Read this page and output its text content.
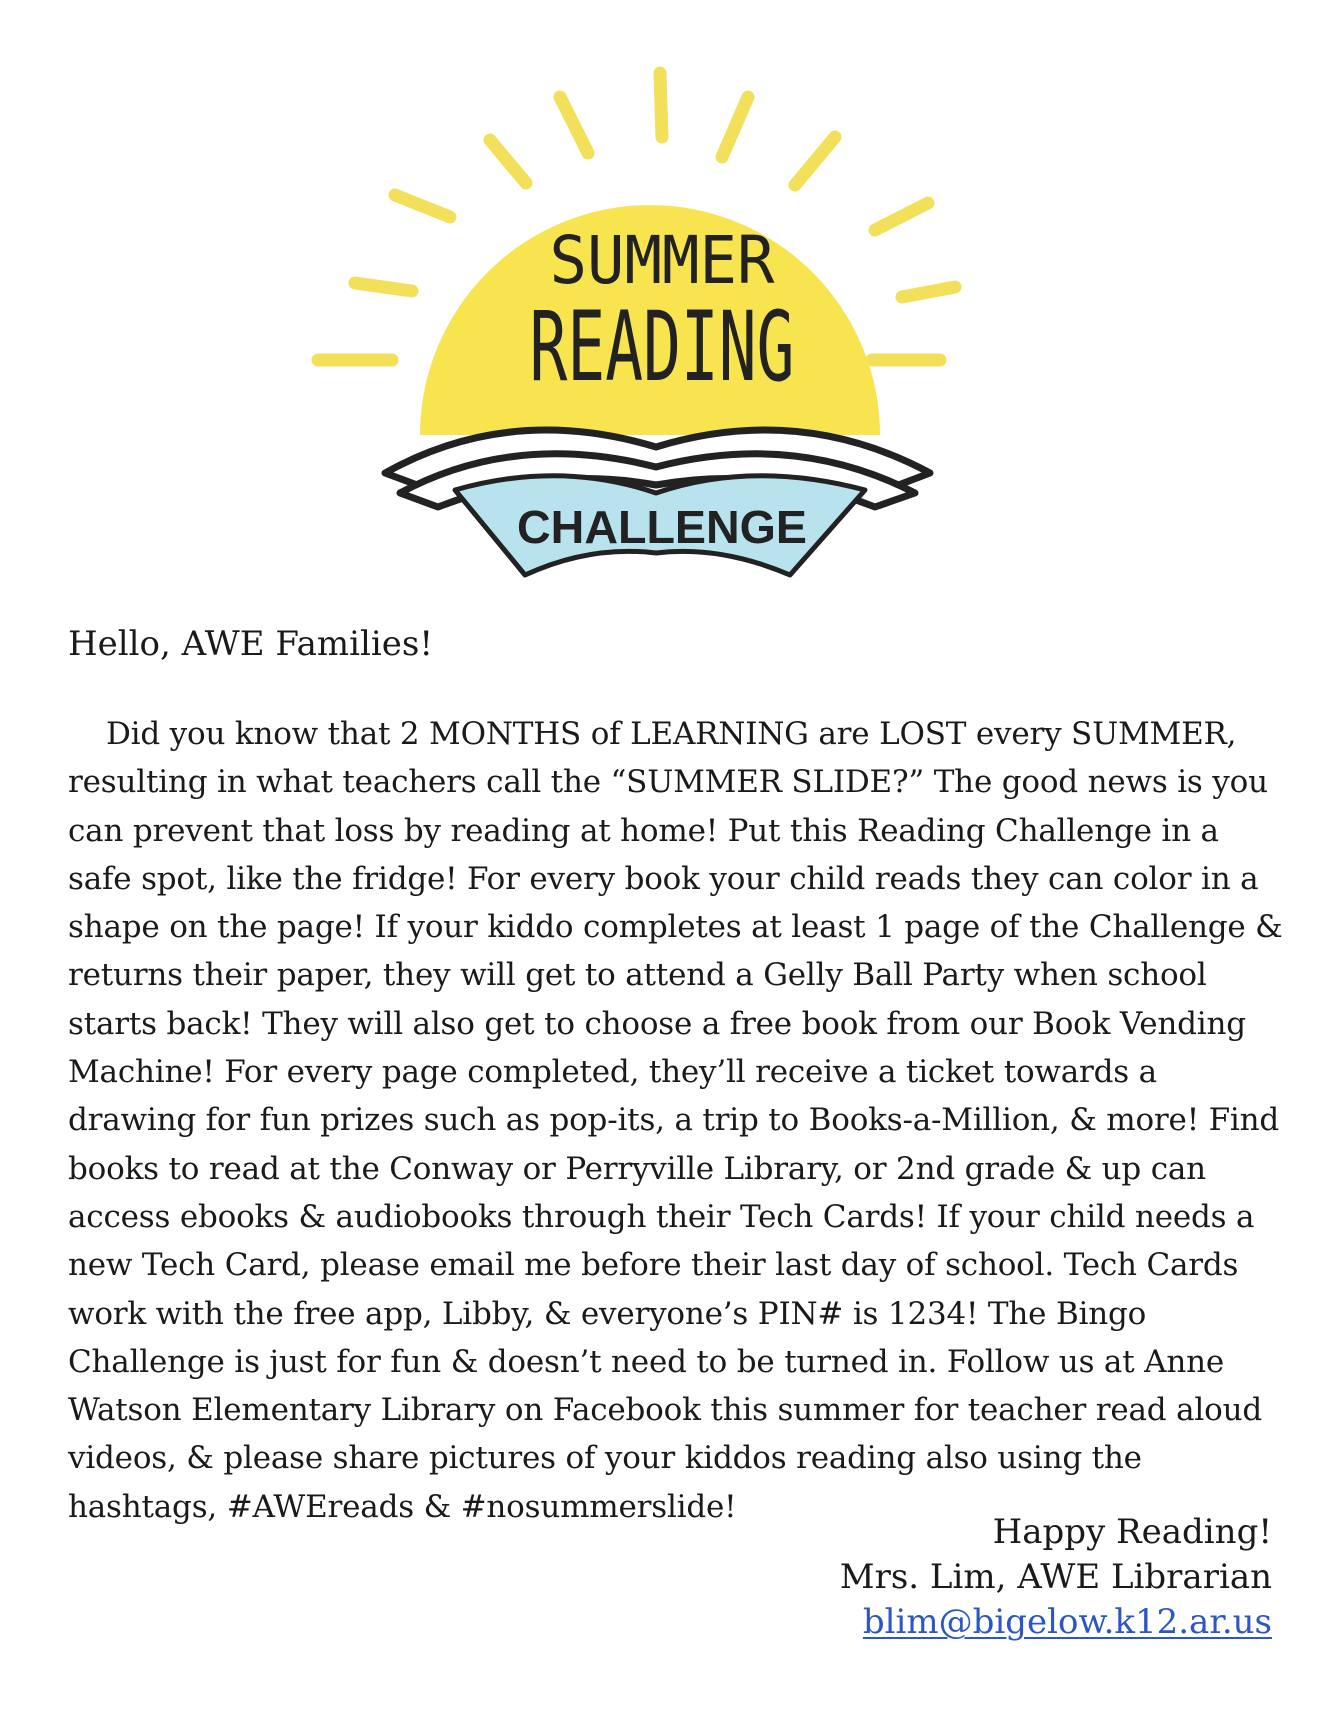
SUMMER
READING
CHALLENGE

Hello, AWE Families!

Did you know that 2 MONTHS of LEARNING are LOST every SUMMER, resulting in what teachers call the “SUMMER SLIDE?” The good news is you can prevent that loss by reading at home! Put this Reading Challenge in a safe spot, like the fridge! For every book your child reads they can color in a shape on the page! If your kiddo completes at least 1 page of the Challenge & returns their paper, they will get to attend a Gelly Ball Party when school starts back! They will also get to choose a free book from our Book Vending Machine! For every page completed, they’ll receive a ticket towards a drawing for fun prizes such as pop-its, a trip to Books-a-Million, & more! Find books to read at the Conway or Perryville Library, or 2nd grade & up can access ebooks & audiobooks through their Tech Cards! If your child needs a new Tech Card, please email me before their last day of school. Tech Cards work with the free app, Libby, & everyone’s PIN# is 1234! The Bingo Challenge is just for fun & doesn’t need to be turned in. Follow us at Anne Watson Elementary Library on Facebook this summer for teacher read aloud videos, & please share pictures of your kiddos reading also using the hashtags, #AWEreads & #nosummerslide!

Happy Reading!
Mrs. Lim, AWE Librarian
blim@bigelow.k12.ar.us
